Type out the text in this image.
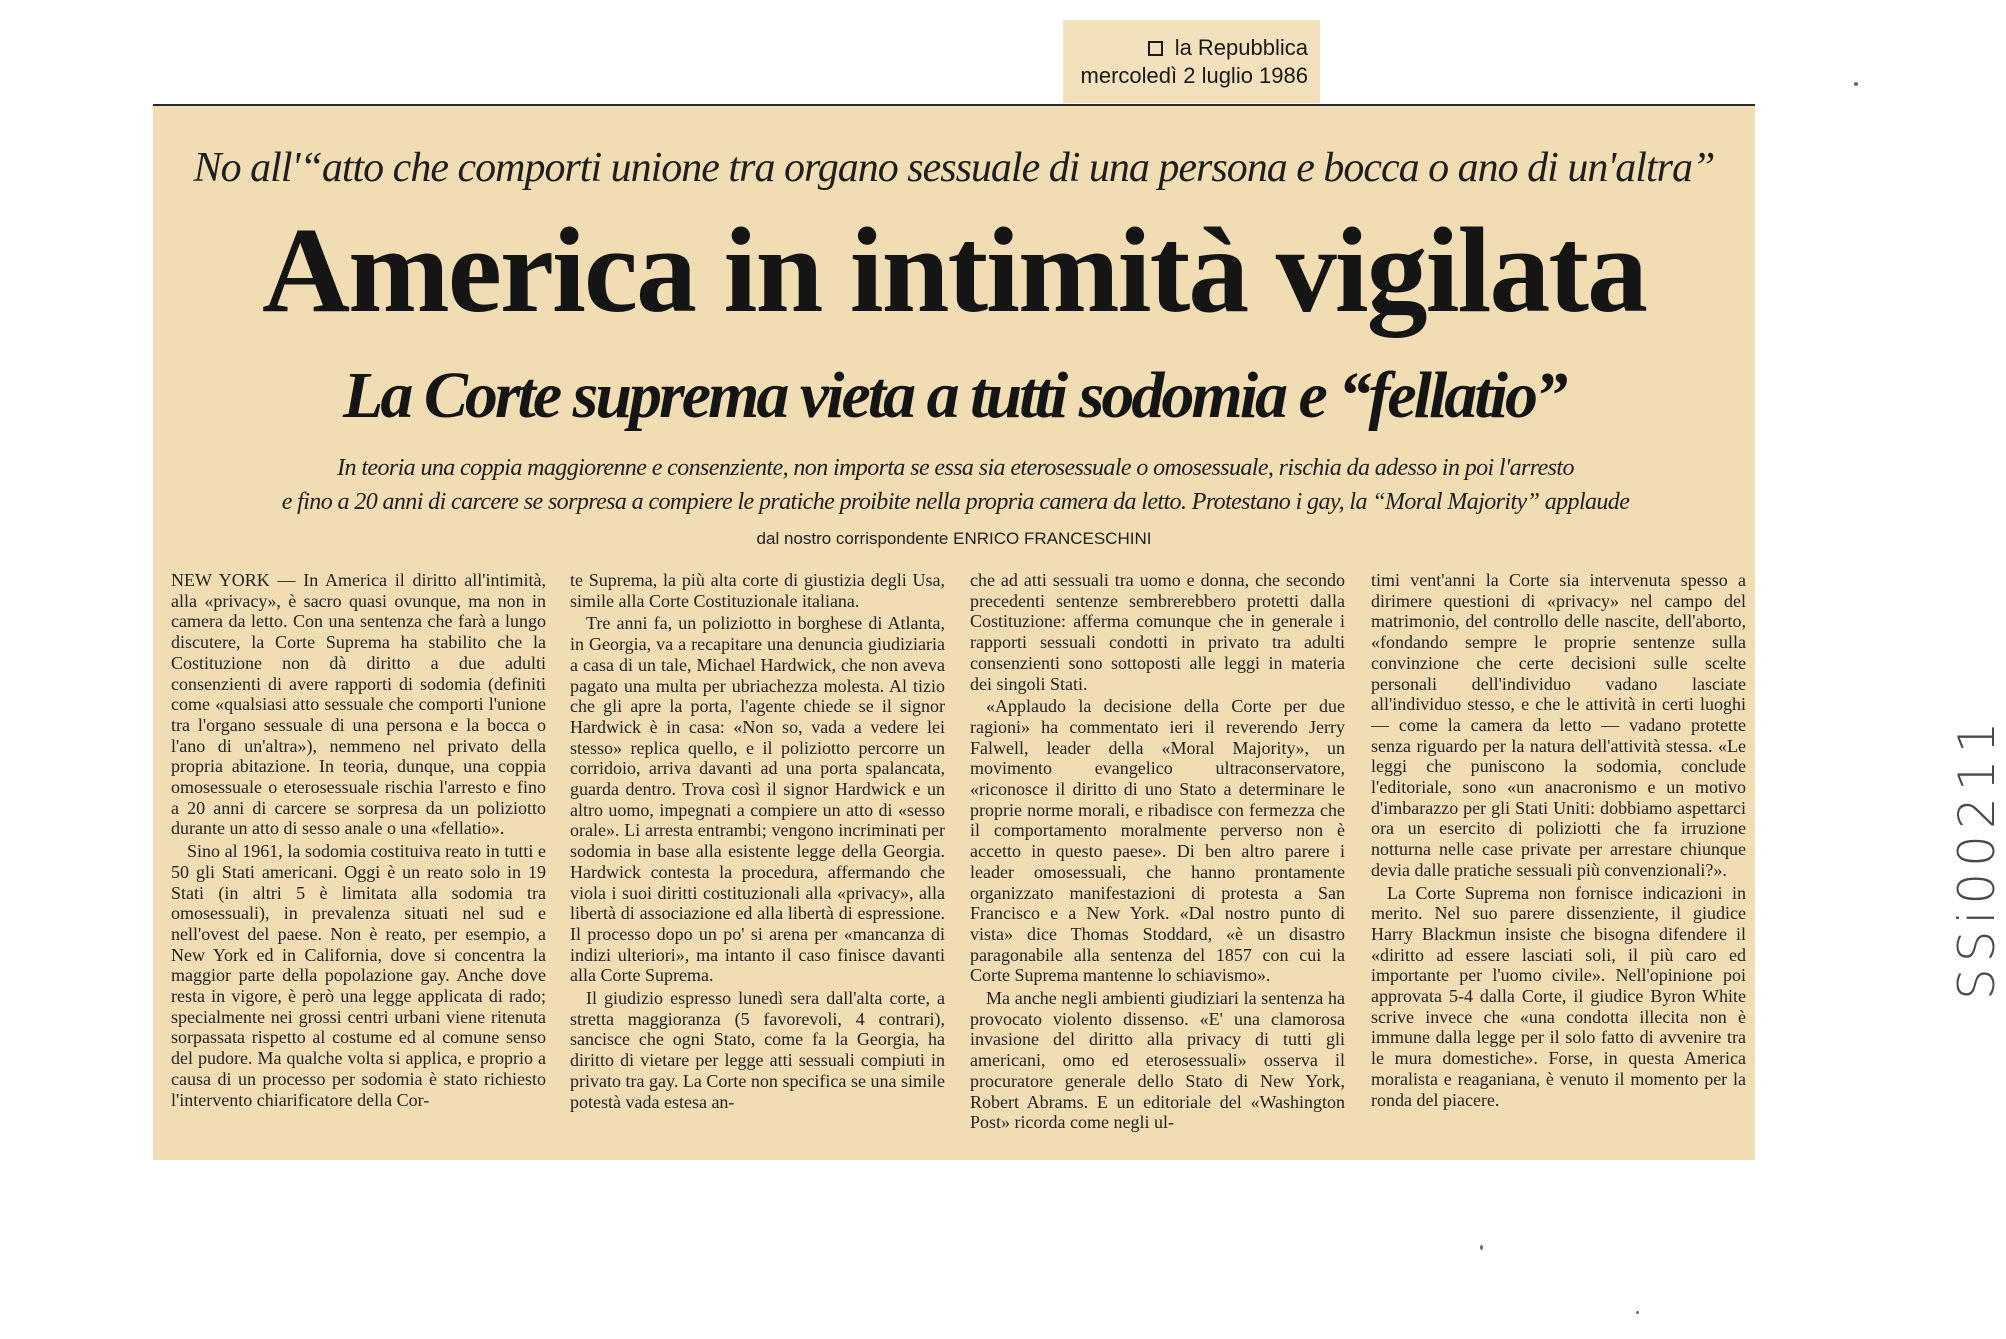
la Repubblica
mercoledì 2 luglio 1986
No all'“atto che comporti unione tra organo sessuale di una persona e bocca o ano di un'altra”
America in intimità vigilata
La Corte suprema vieta a tutti sodomia e “fellatio”
In teoria una coppia maggiorenne e consenziente, non importa se essa sia eterosessuale o omosessuale, rischia da adesso in poi l'arresto
e fino a 20 anni di carcere se sorpresa a compiere le pratiche proibite nella propria camera da letto. Protestano i gay, la “Moral Majority” applaude
dal nostro corrispondente ENRICO FRANCESCHINI

NEW YORK — In America il diritto all'intimità, alla «privacy», è sacro quasi ovunque, ma non in camera da letto. Con una sentenza che farà a lungo discutere, la Corte Suprema ha stabilito che la Costituzione non dà diritto a due adulti consenzienti di avere rapporti di sodomia (definiti come «qualsiasi atto sessuale che comporti l'unione tra l'organo sessuale di una persona e la bocca o l'ano di un'altra»), nemmeno nel privato della propria abitazione. In teoria, dunque, una coppia omosessuale o eterosessuale rischia l'arresto e fino a 20 anni di carcere se sorpresa da un poliziotto durante un atto di sesso anale o una «fellatio».

Sino al 1961, la sodomia costituiva reato in tutti e 50 gli Stati americani. Oggi è un reato solo in 19 Stati (in altri 5 è limitata alla sodomia tra omosessuali), in prevalenza situati nel sud e nell'ovest del paese. Non è reato, per esempio, a New York ed in California, dove si concentra la maggior parte della popolazione gay. Anche dove resta in vigore, è però una legge applicata di rado; specialmente nei grossi centri urbani viene ritenuta sorpassata rispetto al costume ed al comune senso del pudore. Ma qualche volta si applica, e proprio a causa di un processo per sodomia è stato richiesto l'intervento chiarificatore della Cor-

te Suprema, la più alta corte di giustizia degli Usa, simile alla Corte Costituzionale italiana.

Tre anni fa, un poliziotto in borghese di Atlanta, in Georgia, va a recapitare una denuncia giudiziaria a casa di un tale, Michael Hardwick, che non aveva pagato una multa per ubriachezza molesta. Al tizio che gli apre la porta, l'agente chiede se il signor Hardwick è in casa: «Non so, vada a vedere lei stesso» replica quello, e il poliziotto percorre un corridoio, arriva davanti ad una porta spalancata, guarda dentro. Trova così il signor Hardwick e un altro uomo, impegnati a compiere un atto di «sesso orale». Li arresta entrambi; vengono incriminati per sodomia in base alla esistente legge della Georgia. Hardwick contesta la procedura, affermando che viola i suoi diritti costituzionali alla «privacy», alla libertà di associazione ed alla libertà di espressione. Il processo dopo un po' si arena per «mancanza di indizi ulteriori», ma intanto il caso finisce davanti alla Corte Suprema.

Il giudizio espresso lunedì sera dall'alta corte, a stretta maggioranza (5 favorevoli, 4 contrari), sancisce che ogni Stato, come fa la Georgia, ha diritto di vietare per legge atti sessuali compiuti in privato tra gay. La Corte non specifica se una simile potestà vada estesa an-

che ad atti sessuali tra uomo e donna, che secondo precedenti sentenze sembrerebbero protetti dalla Costituzione: afferma comunque che in generale i rapporti sessuali condotti in privato tra adulti consenzienti sono sottoposti alle leggi in materia dei singoli Stati.

«Applaudo la decisione della Corte per due ragioni» ha commentato ieri il reverendo Jerry Falwell, leader della «Moral Majority», un movimento evangelico ultraconservatore, «riconosce il diritto di uno Stato a determinare le proprie norme morali, e ribadisce con fermezza che il comportamento moralmente perverso non è accetto in questo paese». Di ben altro parere i leader omosessuali, che hanno prontamente organizzato manifestazioni di protesta a San Francisco e a New York. «Dal nostro punto di vista» dice Thomas Stoddard, «è un disastro paragonabile alla sentenza del 1857 con cui la Corte Suprema mantenne lo schiavismo».

Ma anche negli ambienti giudiziari la sentenza ha provocato violento dissenso. «E' una clamorosa invasione del diritto alla privacy di tutti gli americani, omo ed eterosessuali» osserva il procuratore generale dello Stato di New York, Robert Abrams. E un editoriale del «Washington Post» ricorda come negli ul-

timi vent'anni la Corte sia intervenuta spesso a dirimere questioni di «privacy» nel campo del matrimonio, del controllo delle nascite, dell'aborto, «fondando sempre le proprie sentenze sulla convinzione che certe decisioni sulle scelte personali dell'individuo vadano lasciate all'individuo stesso, e che le attività in certi luoghi — come la camera da letto — vadano protette senza riguardo per la natura dell'attività stessa. «Le leggi che puniscono la sodomia, conclude l'editoriale, sono «un anacronismo e un motivo d'imbarazzo per gli Stati Uniti: dobbiamo aspettarci ora un esercito di poliziotti che fa irruzione notturna nelle case private per arrestare chiunque devia dalle pratiche sessuali più convenzionali?».

La Corte Suprema non fornisce indicazioni in merito. Nel suo parere dissenziente, il giudice Harry Blackmun insiste che bisogna difendere il «diritto ad essere lasciati soli, il più caro ed importante per l'uomo civile». Nell'opinione poi approvata 5-4 dalla Corte, il giudice Byron White scrive invece che «una condotta illecita non è immune dalla legge per il solo fatto di avvenire tra le mura domestiche». Forse, in questa America moralista e reaganiana, è venuto il momento per la ronda del piacere.

SSi00211
